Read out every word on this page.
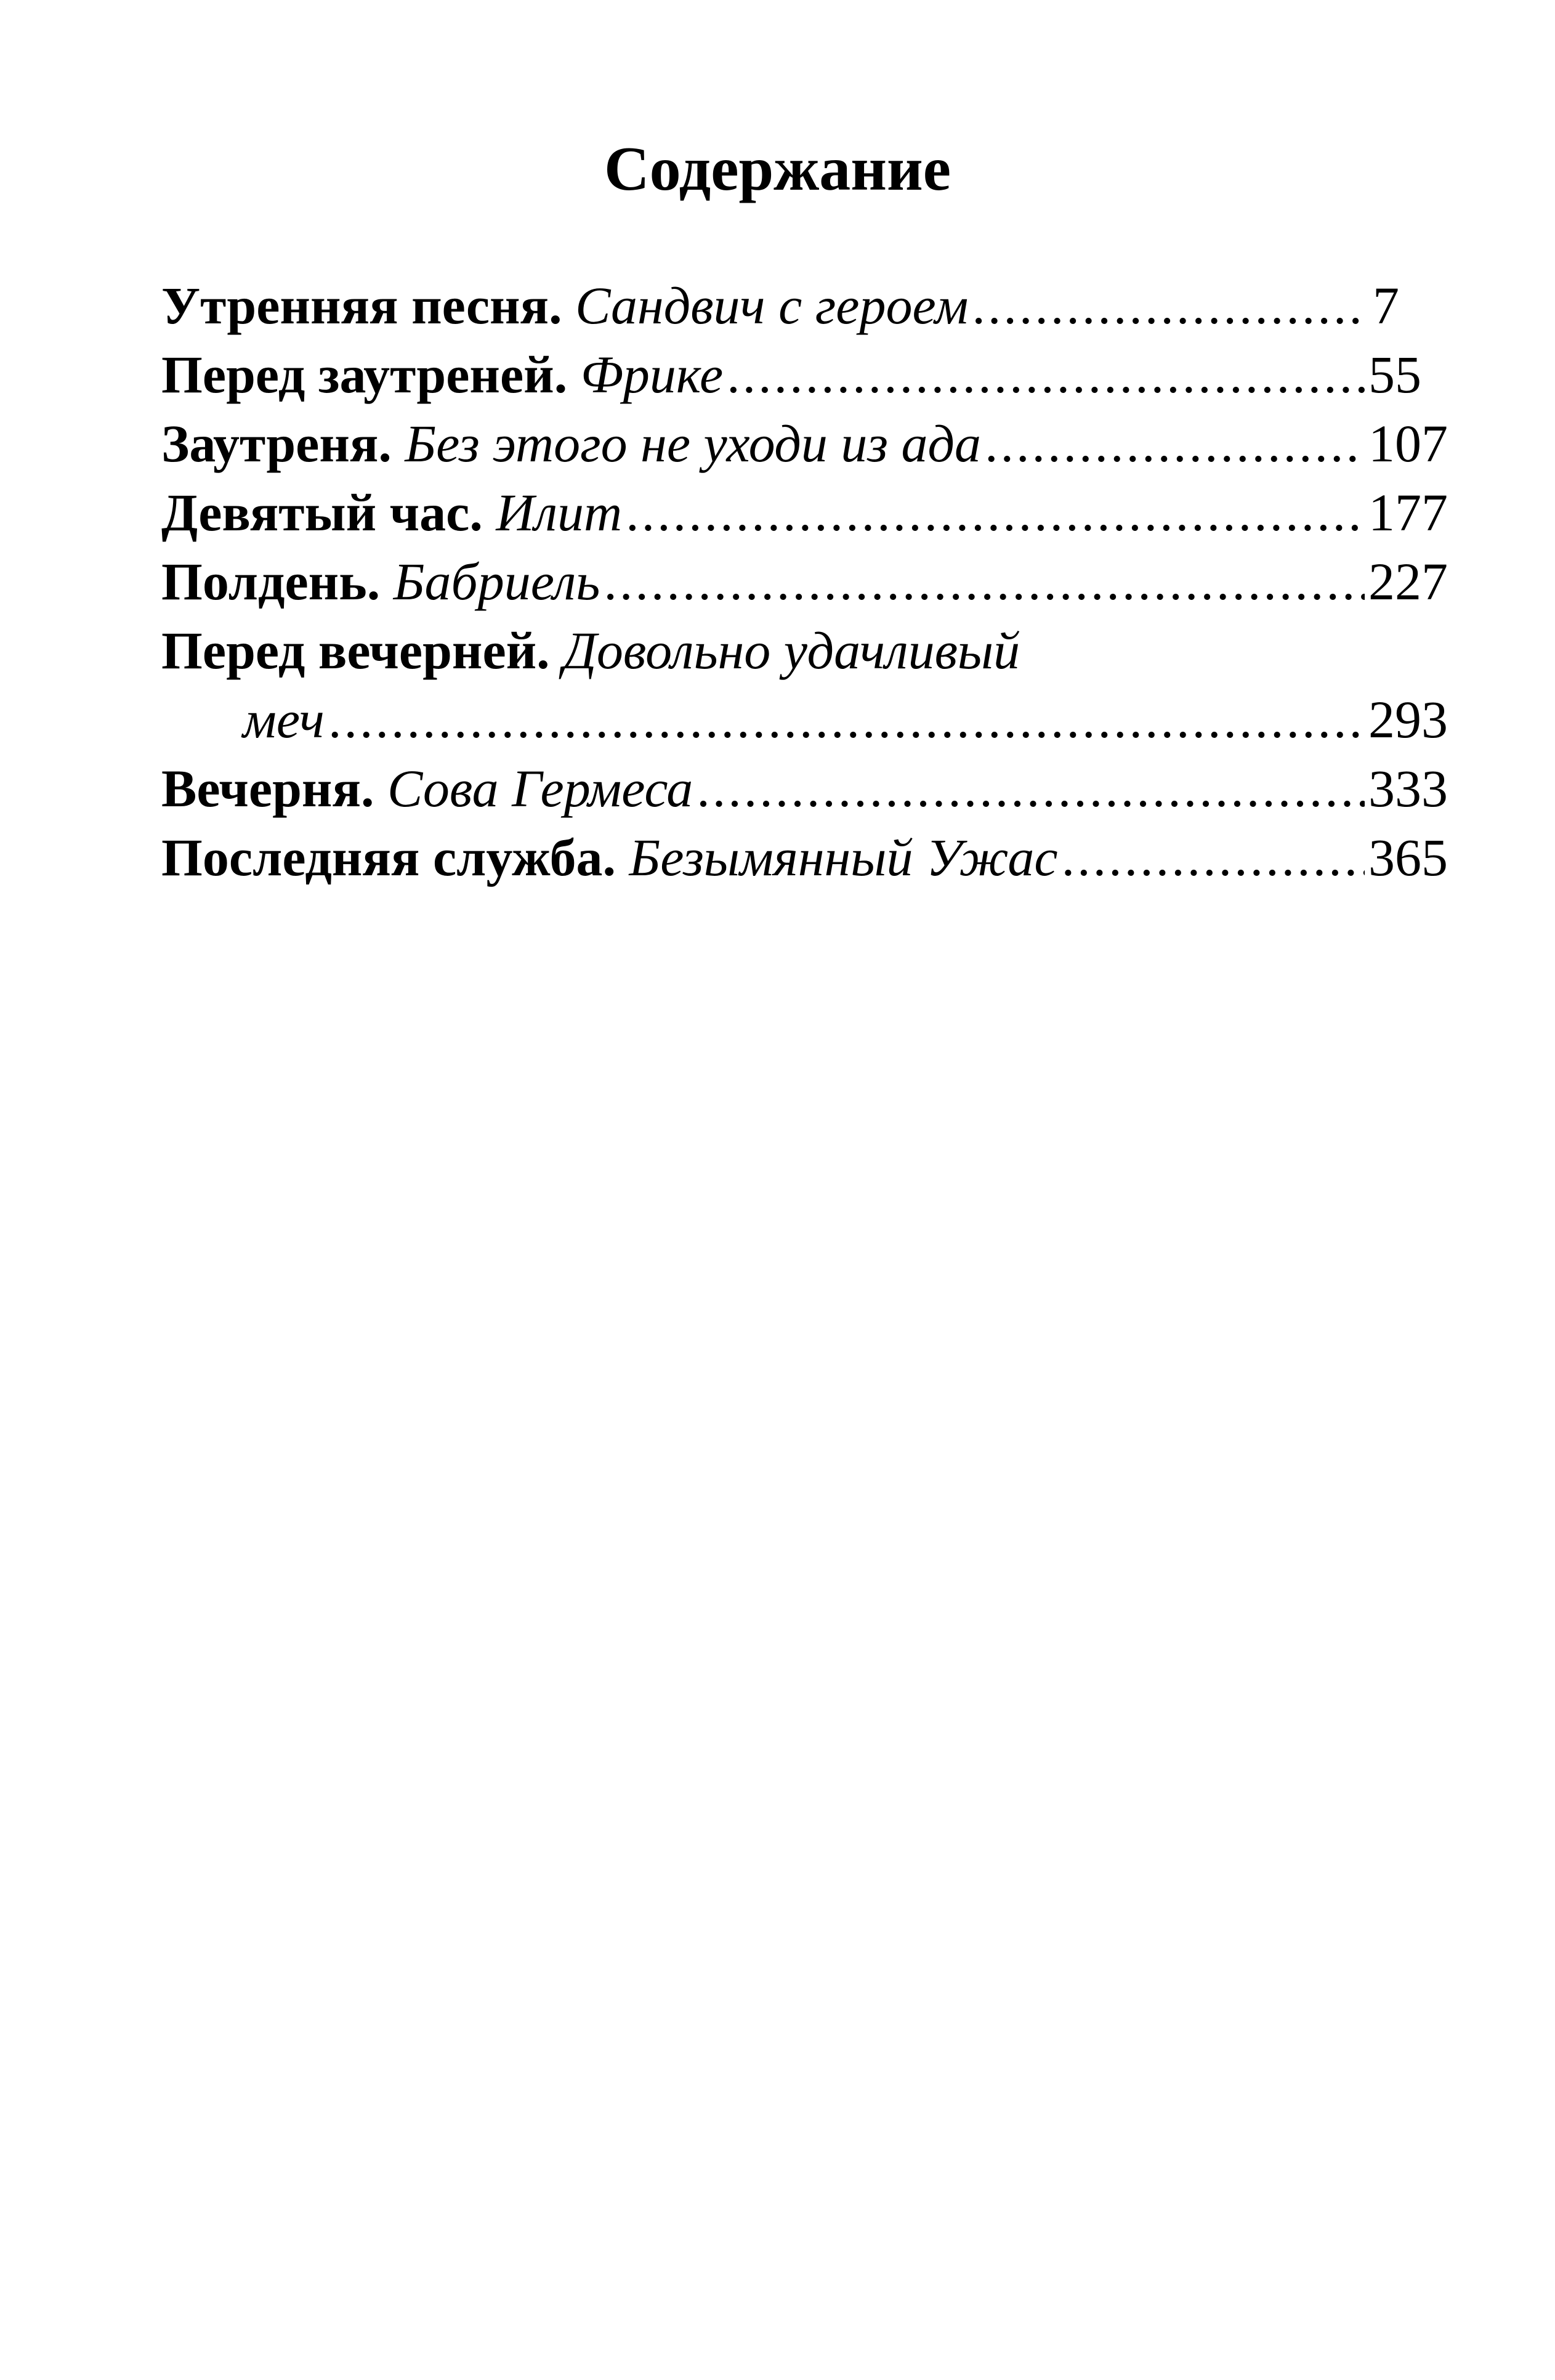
Содержание
Утренняя песня. Сандвич с героем .....	7
Перед заутреней. Фрике .....	55
Заутреня. Без этого не уходи из ада .....	107
Девятый час. Илит .....	177
Полдень. Бабриель .....	227
Перед вечерней. Довольно удачливый
меч .....	293
Вечерня. Сова Гермеса .....	333
Последняя служба. Безымянный Ужас .....	365
